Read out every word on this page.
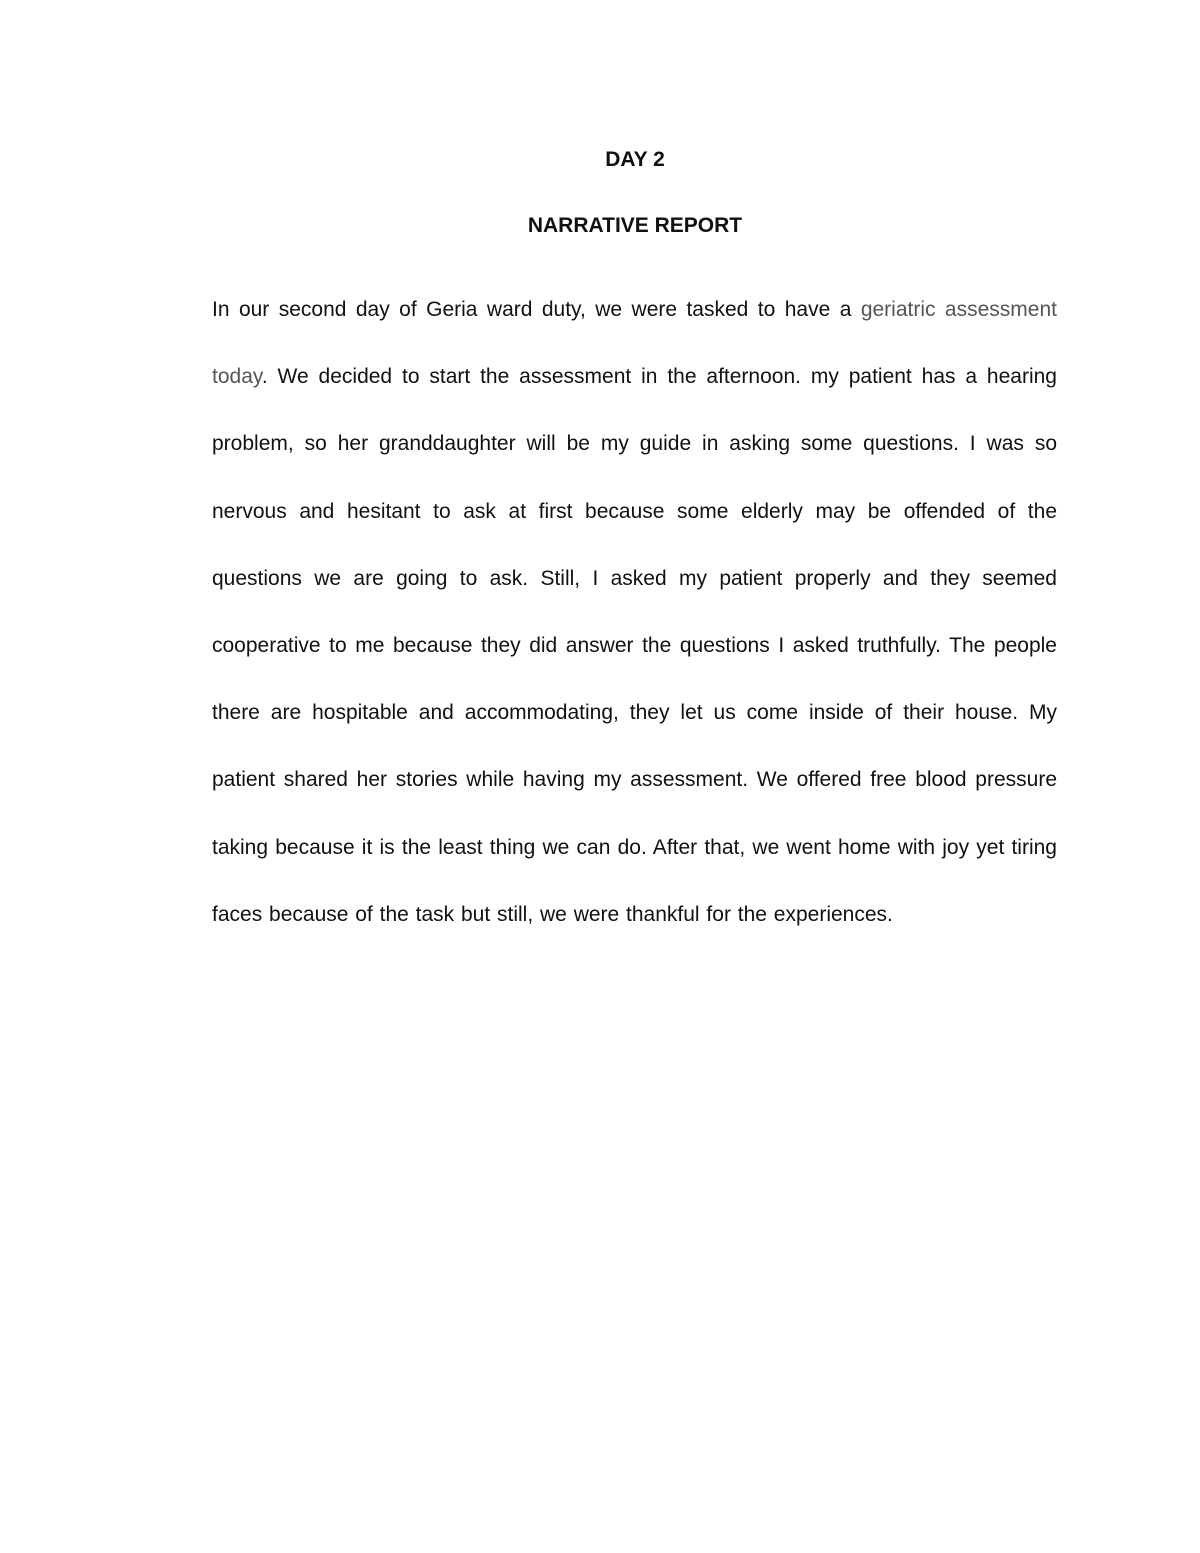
DAY 2
NARRATIVE REPORT

In our second day of Geria ward duty, we were tasked to have a geriatric assessment today. We decided to start the assessment in the afternoon. my patient has a hearing problem, so her granddaughter will be my guide in asking some questions. I was so nervous and hesitant to ask at first because some elderly may be offended of the questions we are going to ask. Still, I asked my patient properly and they seemed cooperative to me because they did answer the questions I asked truthfully. The people there are hospitable and accommodating, they let us come inside of their house. My patient shared her stories while having my assessment. We offered free blood pressure taking because it is the least thing we can do. After that, we went home with joy yet tiring faces because of the task but still, we were thankful for the experiences.
